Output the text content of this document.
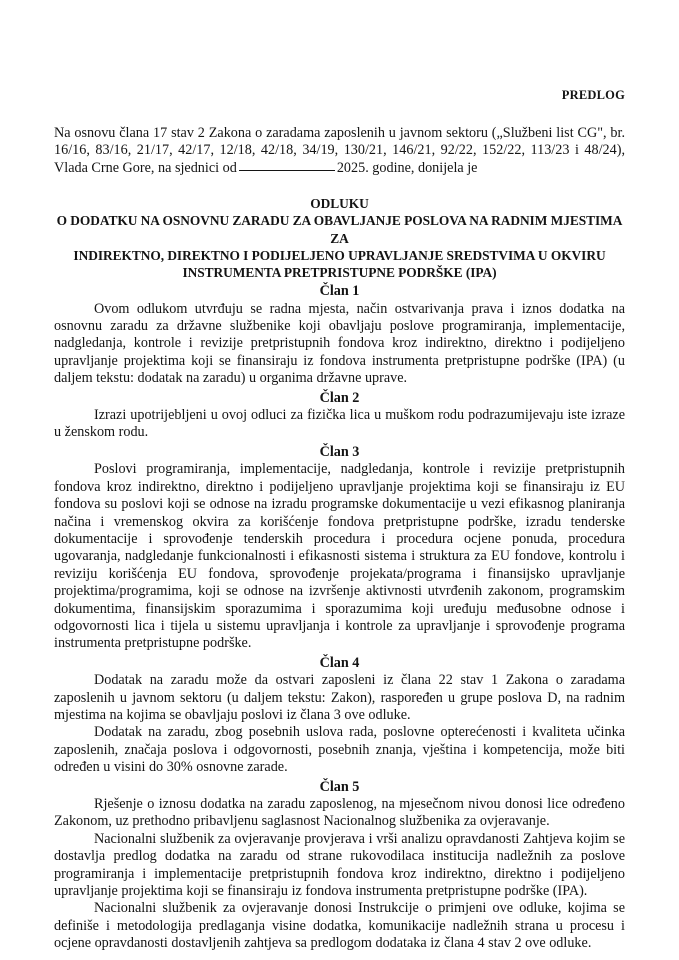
PREDLOG

Na osnovu člana 17 stav 2 Zakona o zaradama zaposlenih u javnom sektoru („Službeni list CG", br. 16/16, 83/16, 21/17, 42/17, 12/18, 42/18, 34/19, 130/21, 146/21, 92/22, 152/22, 113/23 i 48/24), Vlada Crne Gore, na sjednici od	2025. godine, donijela je

ODLUKU
O DODATKU NA OSNOVNU ZARADU ZA OBAVLJANJE POSLOVA NA RADNIM MJESTIMA ZA
INDIREKTNO, DIREKTNO I PODIJELJENO UPRAVLJANJE SREDSTVIMA U OKVIRU
INSTRUMENTA PRETPRISTUPNE PODRŠKE (IPA)
Član 1

Ovom odlukom utvrđuju se radna mjesta, način ostvarivanja prava i iznos dodatka na osnovnu zaradu za državne službenike koji obavljaju poslove programiranja, implementacije, nadgledanja, kontrole i revizije pretpristupnih fondova kroz indirektno, direktno i podijeljeno upravljanje projektima koji se finansiraju iz fondova instrumenta pretpristupne podrške (IPA) (u daljem tekstu: dodatak na zaradu) u organima državne uprave.

Član 2

Izrazi upotrijebljeni u ovoj odluci za fizička lica u muškom rodu podrazumijevaju iste izraze u ženskom rodu.

Član 3

Poslovi programiranja, implementacije, nadgledanja, kontrole i revizije pretpristupnih fondova kroz indirektno, direktno i podijeljeno upravljanje projektima koji se finansiraju iz EU fondova su poslovi koji se odnose na izradu programske dokumentacije u vezi efikasnog planiranja načina i vremenskog okvira za korišćenje fondova pretpristupne podrške, izradu tenderske dokumentacije i sprovođenje tenderskih procedura i procedura ocjene ponuda, procedura ugovaranja, nadgledanje funkcionalnosti i efikasnosti sistema i struktura za EU fondove, kontrolu i reviziju korišćenja EU fondova, sprovođenje projekata/programa i finansijsko upravljanje projektima/programima, koji se odnose na izvršenje aktivnosti utvrđenih zakonom, programskim dokumentima, finansijskim sporazumima i sporazumima koji uređuju međusobne odnose i odgovornosti lica i tijela u sistemu upravljanja i kontrole za upravljanje i sprovođenje programa instrumenta pretpristupne podrške.

Član 4

Dodatak na zaradu može da ostvari zaposleni iz člana 22 stav 1 Zakona o zaradama zaposlenih u javnom sektoru (u daljem tekstu: Zakon), raspoređen u grupe poslova D, na radnim mjestima na kojima se obavljaju poslovi iz člana 3 ove odluke.

Dodatak na zaradu, zbog posebnih uslova rada, poslovne opterećenosti i kvaliteta učinka zaposlenih, značaja poslova i odgovornosti, posebnih znanja, vještina i kompetencija, može biti određen u visini do 30% osnovne zarade.

Član 5

Rješenje o iznosu dodatka na zaradu zaposlenog, na mjesečnom nivou donosi lice određeno Zakonom, uz prethodno pribavljenu saglasnost Nacionalnog službenika za ovjeravanje.

Nacionalni službenik za ovjeravanje provjerava i vrši analizu opravdanosti Zahtjeva kojim se dostavlja predlog dodatka na zaradu od strane rukovodilaca institucija nadležnih za poslove programiranja i implementacije pretpristupnih fondova kroz indirektno, direktno i podijeljeno upravljanje projektima koji se finansiraju iz fondova instrumenta pretpristupne podrške (IPA).

Nacionalni službenik za ovjeravanje donosi Instrukcije o primjeni ove odluke, kojima se definiše i metodologija predlaganja visine dodatka, komunikacije nadležnih strana u procesu i ocjene opravdanosti dostavljenih zahtjeva sa predlogom dodataka iz člana 4 stav 2 ove odluke.
